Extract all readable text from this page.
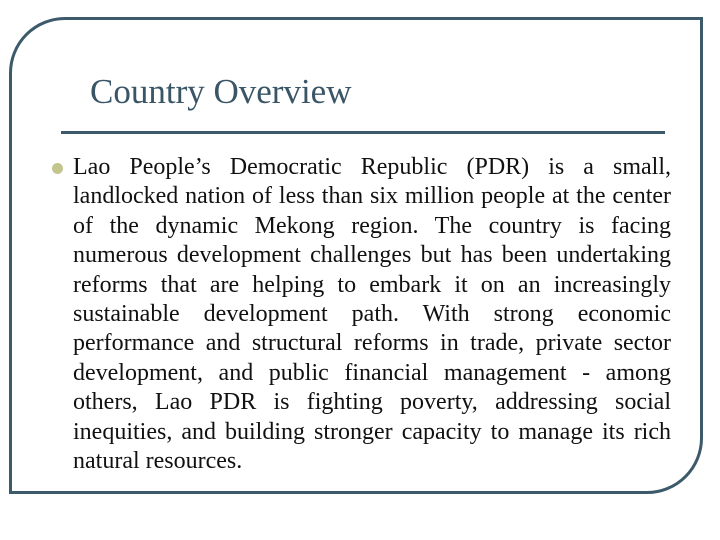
Country Overview

Lao People’s Democratic Republic (PDR) is a small, landlocked nation of less than six million people at the center of the dynamic Mekong region. The country is facing numerous development challenges but has been undertaking reforms that are helping to embark it on an increasingly sustainable development path. With strong economic performance and structural reforms in trade, private sector development, and public financial management - among others, Lao PDR is fighting poverty, addressing social inequities, and building stronger capacity to manage its rich natural resources.
